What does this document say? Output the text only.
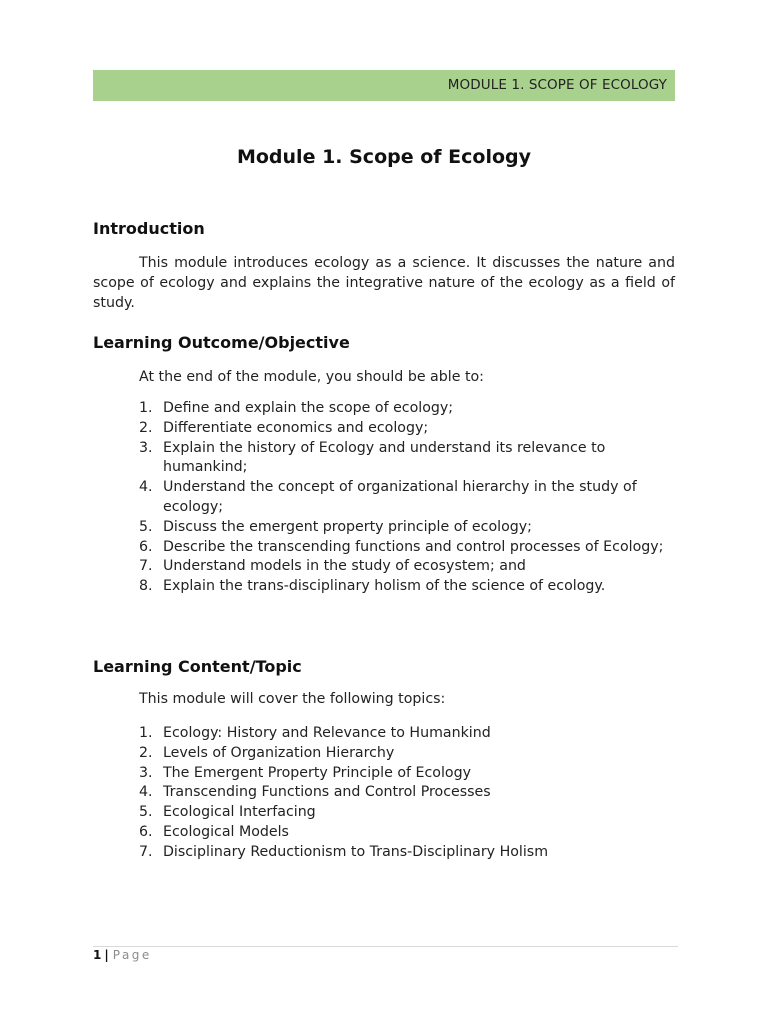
MODULE 1. SCOPE OF ECOLOGY
Module 1. Scope of Ecology
Introduction
This module introduces ecology as a science. It discusses the nature and scope of ecology and explains the integrative nature of the ecology as a field of study.
Learning Outcome/Objective
At the end of the module, you should be able to:
1. Define and explain the scope of ecology;
2. Differentiate economics and ecology;
3. Explain the history of Ecology and understand its relevance to humankind;
4. Understand the concept of organizational hierarchy in the study of ecology;
5. Discuss the emergent property principle of ecology;
6. Describe the transcending functions and control processes of Ecology;
7. Understand models in the study of ecosystem; and
8. Explain the trans-disciplinary holism of the science of ecology.
Learning Content/Topic
This module will cover the following topics:
1. Ecology: History and Relevance to Humankind
2. Levels of Organization Hierarchy
3. The Emergent Property Principle of Ecology
4. Transcending Functions and Control Processes
5. Ecological Interfacing
6. Ecological Models
7. Disciplinary Reductionism to Trans-Disciplinary Holism
1 | Page
